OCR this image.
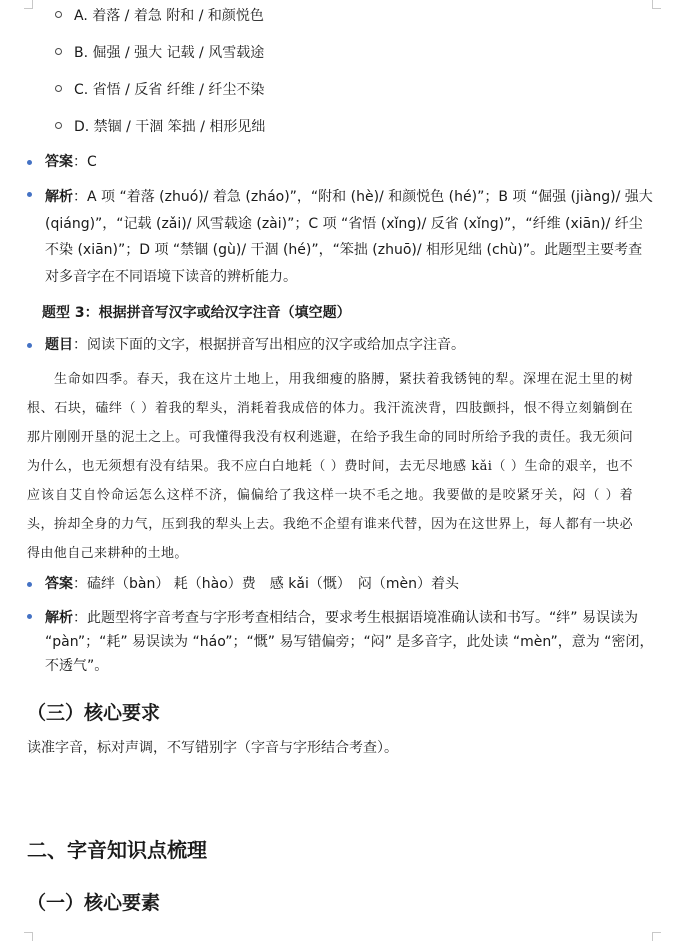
A. 着落 / 着急 附和 / 和颜悦色
B. 倔强 / 强大 记载 / 风雪载途
C. 省悟 / 反省 纤维 / 纤尘不染
D. 禁锢 / 干涸 笨拙 / 相形见绌
答案：C
解析：A 项 “着落 (zhuó)/ 着急 (zháo)”，“附和 (hè)/ 和颜悦色 (hé)”；B 项 “倔强 (jiàng)/ 强大 (qiáng)”，“记载 (zǎi)/ 风雪载途 (zài)”；C 项 “省悟 (xǐng)/ 反省 (xǐng)”，“纤维 (xiān)/ 纤尘不染 (xiān)”；D 项 “禁锢 (gù)/ 干涸 (hé)”，“笨拙 (zhuō)/ 相形见绌 (chù)”。此题型主要考查对多音字在不同语境下读音的辨析能力。
题型 3：根据拼音写汉字或给汉字注音（填空题）
题目：阅读下面的文字，根据拼音写出相应的汉字或给加点字注音。
生命如四季。春天，我在这片土地上，用我细瘦的胳膊，紧扶着我锈钝的犁。深埋在泥土里的树根、石块，磕绊（ ）着我的犁头，消耗着我成倍的体力。我汗流浃背，四肢颤抖，恨不得立刻躺倒在那片刚刚开垦的泥土之上。可我懂得我没有权利逃避，在给予我生命的同时所给予我的责任。我无须问为什么，也无须想有没有结果。我不应白白地耗（ ）费时间，去无尽地感 kǎi（ ）生命的艰辛，也不应该自艾自怜命运怎么这样不济，偏偏给了我这样一块不毛之地。我要做的是咬紧牙关，闷（ ）着头，拚却全身的力气，压到我的犁头上去。我绝不企望有谁来代替，因为在这世界上，每人都有一块必得由他自己来耕种的土地。
答案：磕绊（bàn） 耗（hào）费　感 kǎi（慨）　闷（mèn）着头
解析：此题型将字音考查与字形考查相结合，要求考生根据语境准确认读和书写。“绊” 易误读为 “pàn”；“耗” 易误读为 “háo”；“慨” 易写错偏旁；“闷” 是多音字，此处读 “mèn”，意为 “密闭，不透气”。
（三）核心要求
读准字音，标对声调，不写错别字（字音与字形结合考查）。
二、字音知识点梳理
（一）核心要素
